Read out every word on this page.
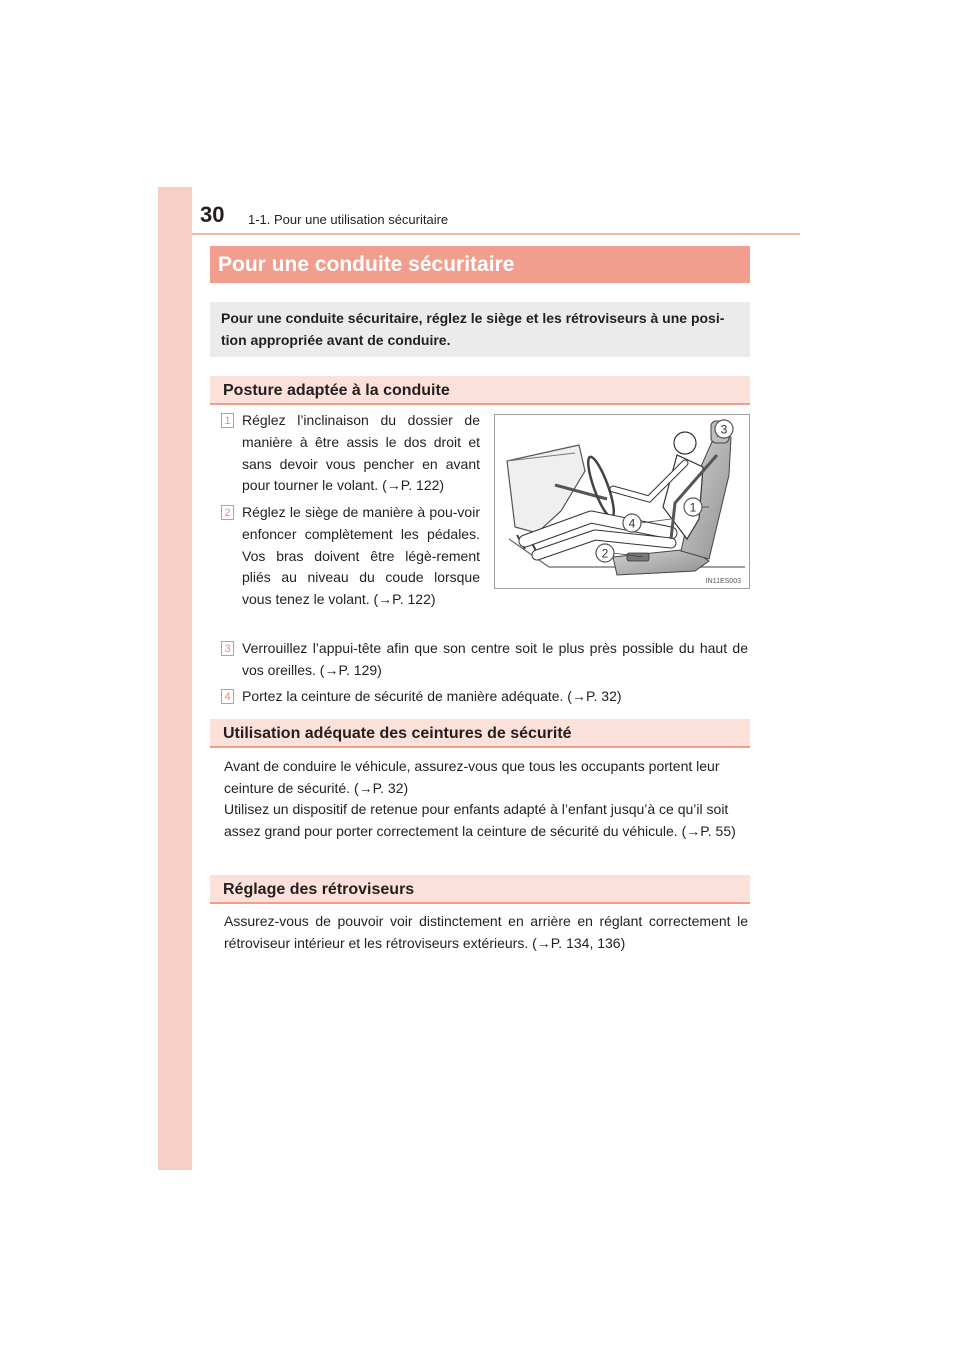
30 1-1. Pour une utilisation sécuritaire
Pour une conduite sécuritaire
Pour une conduite sécuritaire, réglez le siège et les rétroviseurs à une posi-tion appropriée avant de conduire.
Posture adaptée à la conduite
1 Réglez l’inclinaison du dossier de manière à être assis le dos droit et sans devoir vous pencher en avant pour tourner le volant. (→P. 122)
2 Réglez le siège de manière à pou-voir enfoncer complètement les pédales. Vos bras doivent être légè-rement pliés au niveau du coude lorsque vous tenez le volant. (→P. 122)
3
1
4
2
IN11ES003
3 Verrouillez l’appui-tête afin que son centre soit le plus près possible du haut de vos oreilles. (→P. 129)
4 Portez la ceinture de sécurité de manière adéquate. (→P. 32)
Utilisation adéquate des ceintures de sécurité
Avant de conduire le véhicule, assurez-vous que tous les occupants portent leur ceinture de sécurité. (→P. 32)
Utilisez un dispositif de retenue pour enfants adapté à l’enfant jusqu’à ce qu’il soit assez grand pour porter correctement la ceinture de sécurité du véhicule. (→P. 55)
Réglage des rétroviseurs
Assurez-vous de pouvoir voir distinctement en arrière en réglant correctement le rétroviseur intérieur et les rétroviseurs extérieurs. (→P. 134, 136)
